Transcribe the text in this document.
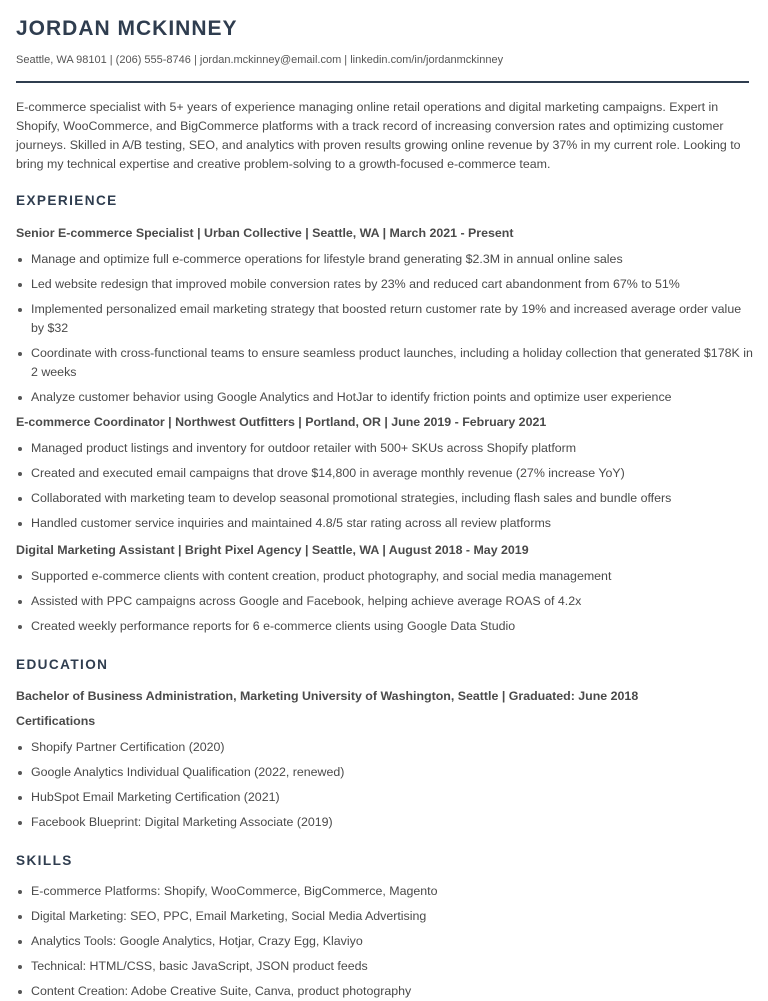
JORDAN MCKINNEY
Seattle, WA 98101 | (206) 555-8746 | jordan.mckinney@email.com | linkedin.com/in/jordanmckinney

E-commerce specialist with 5+ years of experience managing online retail operations and digital marketing campaigns. Expert in Shopify, WooCommerce, and BigCommerce platforms with a track record of increasing conversion rates and optimizing customer journeys. Skilled in A/B testing, SEO, and analytics with proven results growing online revenue by 37% in my current role. Looking to bring my technical expertise and creative problem-solving to a growth-focused e-commerce team.

EXPERIENCE
Senior E-commerce Specialist | Urban Collective | Seattle, WA | March 2021 - Present
Manage and optimize full e-commerce operations for lifestyle brand generating $2.3M in annual online sales
Led website redesign that improved mobile conversion rates by 23% and reduced cart abandonment from 67% to 51%
Implemented personalized email marketing strategy that boosted return customer rate by 19% and increased average order value by $32
Coordinate with cross-functional teams to ensure seamless product launches, including a holiday collection that generated $178K in 2 weeks
Analyze customer behavior using Google Analytics and HotJar to identify friction points and optimize user experience
E-commerce Coordinator | Northwest Outfitters | Portland, OR | June 2019 - February 2021
Managed product listings and inventory for outdoor retailer with 500+ SKUs across Shopify platform
Created and executed email campaigns that drove $14,800 in average monthly revenue (27% increase YoY)
Collaborated with marketing team to develop seasonal promotional strategies, including flash sales and bundle offers
Handled customer service inquiries and maintained 4.8/5 star rating across all review platforms
Digital Marketing Assistant | Bright Pixel Agency | Seattle, WA | August 2018 - May 2019
Supported e-commerce clients with content creation, product photography, and social media management
Assisted with PPC campaigns across Google and Facebook, helping achieve average ROAS of 4.2x
Created weekly performance reports for 6 e-commerce clients using Google Data Studio
EDUCATION
Bachelor of Business Administration, Marketing University of Washington, Seattle | Graduated: June 2018
Certifications
Shopify Partner Certification (2020)
Google Analytics Individual Qualification (2022, renewed)
HubSpot Email Marketing Certification (2021)
Facebook Blueprint: Digital Marketing Associate (2019)
SKILLS
E-commerce Platforms: Shopify, WooCommerce, BigCommerce, Magento
Digital Marketing: SEO, PPC, Email Marketing, Social Media Advertising
Analytics Tools: Google Analytics, Hotjar, Crazy Egg, Klaviyo
Technical: HTML/CSS, basic JavaScript, JSON product feeds
Content Creation: Adobe Creative Suite, Canva, product photography
